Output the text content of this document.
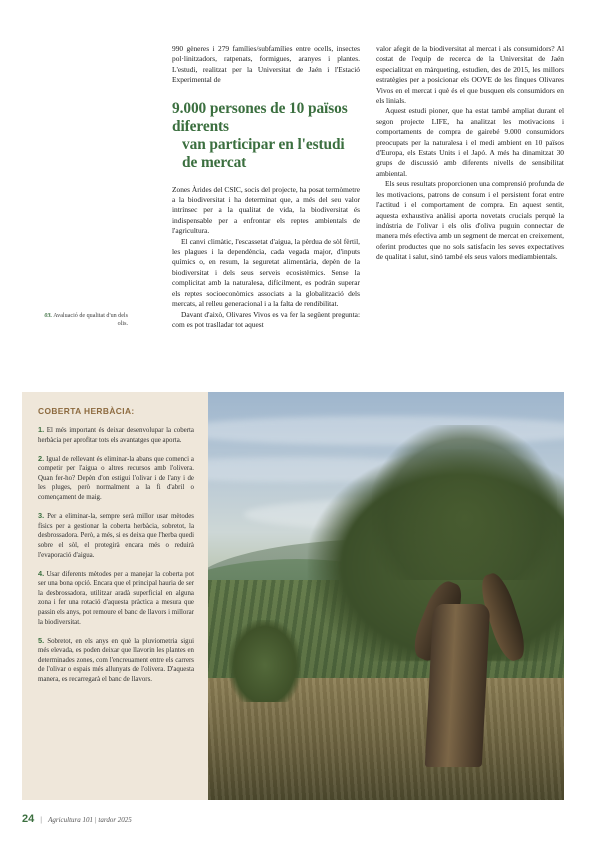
990 gèneres i 279 famílies/subfamílies entre ocells, insectes pol·linitzadors, ratpenats, formigues, aranyes i plantes. L'estudi, realitzat per la Universitat de Jaén i l'Estació Experimental de

9.000 persones de 10 països diferents
van participar en l'estudi de mercat

Zones Àrides del CSIC, socis del projecte, ha posat termòmetre a la biodiversitat i ha determinat que, a més del seu valor intrínsec per a la qualitat de vida, la biodiversitat és indispensable per a enfrontar els reptes ambientals de l'agricultura.

El canvi climàtic, l'escassetat d'aigua, la pèrdua de sòl fèrtil, les plagues i la dependència, cada vegada major, d'inputs químics o, en resum, la seguretat alimentària, depèn de la biodiversitat i dels seus serveis ecosistèmics. Sense la complicitat amb la naturalesa, difícilment, es podrán superar els reptes socioeconòmics associats a la globalització dels mercats, al relleu generacional i a la falta de rendibilitat.

Davant d'això, Olivares Vivos es va fer la següent pregunta: com es pot traslladar tot aquest

valor afegit de la biodiversitat al mercat i als consumidors? Al costat de l'equip de recerca de la Universitat de Jaén especialitzat en màrqueting, estudien, des de 2015, les millors estratègies per a posicionar els OOVE de les finques Olivares Vivos en el mercat i què és el que busquen els consumidors en els linials.

Aquest estudi pioner, que ha estat també ampliat durant el segon projecte LIFE, ha analitzat les motivacions i comportaments de compra de gairebé 9.000 consumidors preocupats per la naturalesa i el medi ambient en 10 països d'Europa, els Estats Units i el Japó. A més ha dinamitzat 30 grups de discussió amb diferents nivells de sensibilitat ambiental.

Els seus resultats proporcionen una comprensió profunda de les motivacions, patrons de consum i el persistent forat entre l'actitud i el comportament de compra. En aquest sentit, aquesta exhaustiva anàlisi aporta novetats crucials perquè la indústria de l'olivar i els olis d'oliva puguin connectar de manera més efectiva amb un segment de mercat en creixement, oferint productes que no sols satisfacin les seves expectatives de qualitat i salut, sinó també els seus valors mediambientals.

03. Avaluació de qualitat d'un dels olis.

COBERTA HERBÀCIA:

1. El més important és deixar desenvolupar la coberta herbàcia per aprofitar tots els avantatges que aporta.

2. Igual de rellevant és eliminar-la abans que comenci a competir per l'aigua o altres recursos amb l'olivera. Quan fer-ho? Depèn d'on estigui l'olivar i de l'any i de les pluges, però normalment a la fi d'abril o començament de maig.

3. Per a eliminar-la, sempre serà millor usar mètodes físics per a gestionar la coberta herbàcia, sobretot, la desbrossadora. Però, a més, si es deixa que l'herba quedi sobre el sòl, el protegirà encara més o reduirà l'evaporació d'aigua.

4. Usar diferents mètodes per a manejar la coberta pot ser una bona opció. Encara que el principal hauria de ser la desbrossadora, utilitzar aradà superficial en alguna zona i fer una rotació d'aquesta pràctica a mesura que passin els anys, pot remoure el banc de llavors i millorar la biodiversitat.

5. Sobretot, en els anys en què la pluviometria sigui més elevada, es poden deixar que llavorin les plantes en determinades zones, com l'encreuament entre els carrers de l'olivar o espais més allunyats de l'olivera. D'aquesta manera, es recarregarà el banc de llavors.

24 | Agricultura 101 | tardor 2025
